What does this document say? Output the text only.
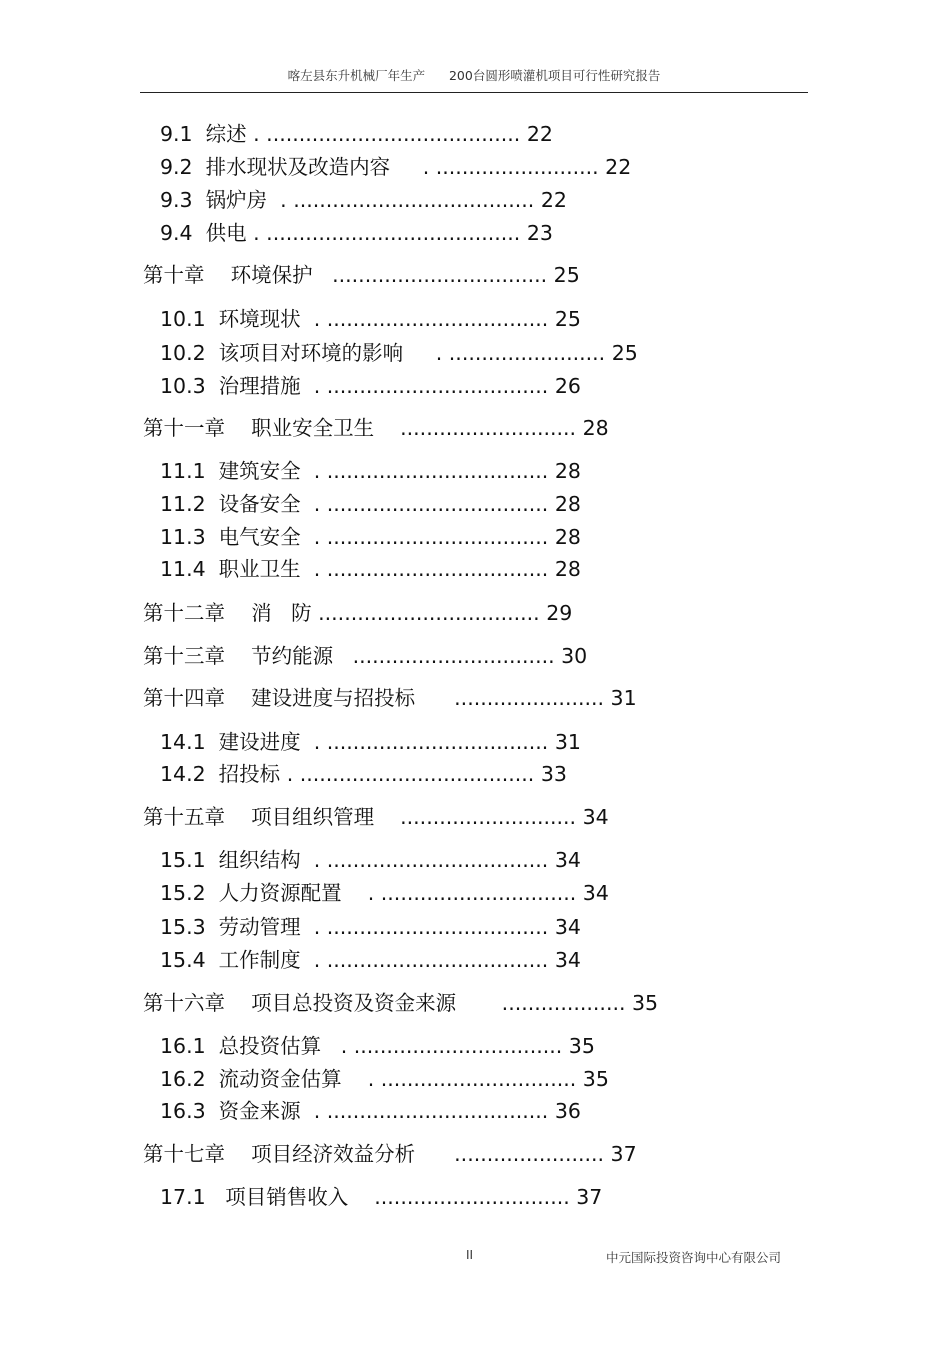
喀左县东升机械厂年生产      200台圆形喷灌机项目可行性研究报告
9.1  综述 . ....................................... 22
9.2  排水现状及改造内容     . ......................... 22
9.3  锅炉房  . ..................................... 22
9.4  供电 . ....................................... 23
第十章    环境保护   ................................. 25
10.1  环境现状  . .................................. 25
10.2  该项目对环境的影响     . ........................ 25
10.3  治理措施  . .................................. 26
第十一章    职业安全卫生    ........................... 28
11.1  建筑安全  . .................................. 28
11.2  设备安全  . .................................. 28
11.3  电气安全  . .................................. 28
11.4  职业卫生  . .................................. 28
第十二章    消   防 .................................. 29
第十三章    节约能源   ............................... 30
第十四章    建设进度与招投标      ....................... 31
14.1  建设进度  . .................................. 31
14.2  招投标 . .................................... 33
第十五章    项目组织管理    ........................... 34
15.1  组织结构  . .................................. 34
15.2  人力资源配置    . .............................. 34
15.3  劳动管理  . .................................. 34
15.4  工作制度  . .................................. 34
第十六章    项目总投资及资金来源       ................... 35
16.1  总投资估算   . ................................ 35
16.2  流动资金估算    . .............................. 35
16.3  资金来源  . .................................. 36
第十七章    项目经济效益分析      ....................... 37
17.1   项目销售收入    .............................. 37
II	中元国际投资咨询中心有限公司
